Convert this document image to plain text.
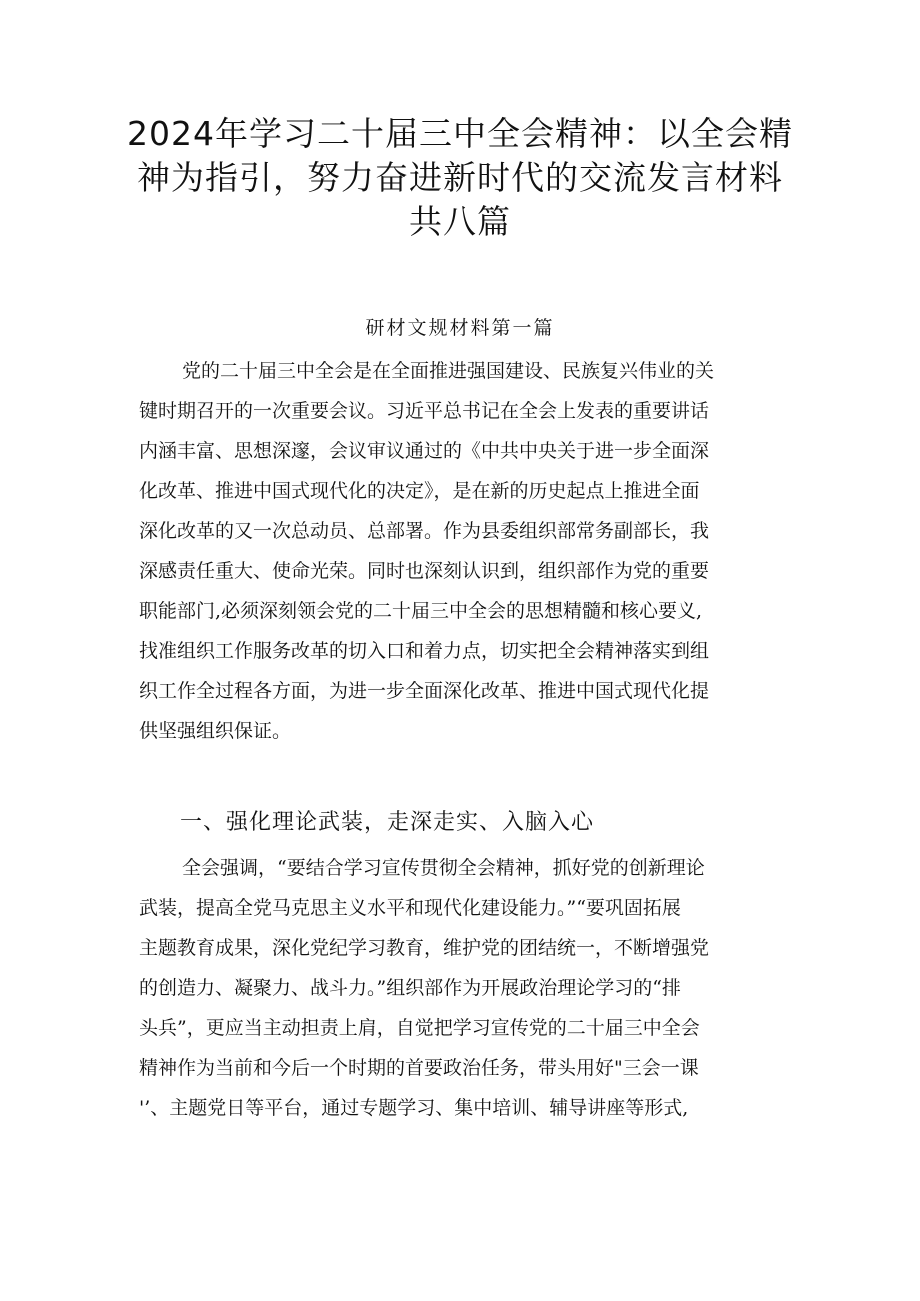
2024年学习二十届三中全会精神：以全会精
神为指引，努力奋进新时代的交流发言材料
共八篇

研材文规材料第一篇

党的二十届三中全会是在全面推进强国建设、民族复兴伟业的关
键时期召开的一次重要会议。习近平总书记在全会上发表的重要讲话
内涵丰富、思想深邃，会议审议通过的《中共中央关于进一步全面深
化改革、推进中国式现代化的决定》，是在新的历史起点上推进全面
深化改革的又一次总动员、总部署。作为县委组织部常务副部长，我
深感责任重大、使命光荣。同时也深刻认识到，组织部作为党的重要
职能部门,必须深刻领会党的二十届三中全会的思想精髓和核心要义,
找准组织工作服务改革的切入口和着力点，切实把全会精神落实到组
织工作全过程各方面，为进一步全面深化改革、推进中国式现代化提
供坚强组织保证。
一、强化理论武装，走深走实、入脑入心
全会强调，“要结合学习宣传贯彻全会精神，抓好党的创新理论
武装，提高全党马克思主义水平和现代化建设能力。”“要巩固拓展
主题教育成果，深化党纪学习教育，维护党的团结统一，不断增强党
的创造力、凝聚力、战斗力。”组织部作为开展政治理论学习的“排
头兵”，更应当主动担责上肩，自觉把学习宣传党的二十届三中全会
精神作为当前和今后一个时期的首要政治任务，带头用好"三会一课
'’、主题党日等平台，通过专题学习、集中培训、辅导讲座等形式,
